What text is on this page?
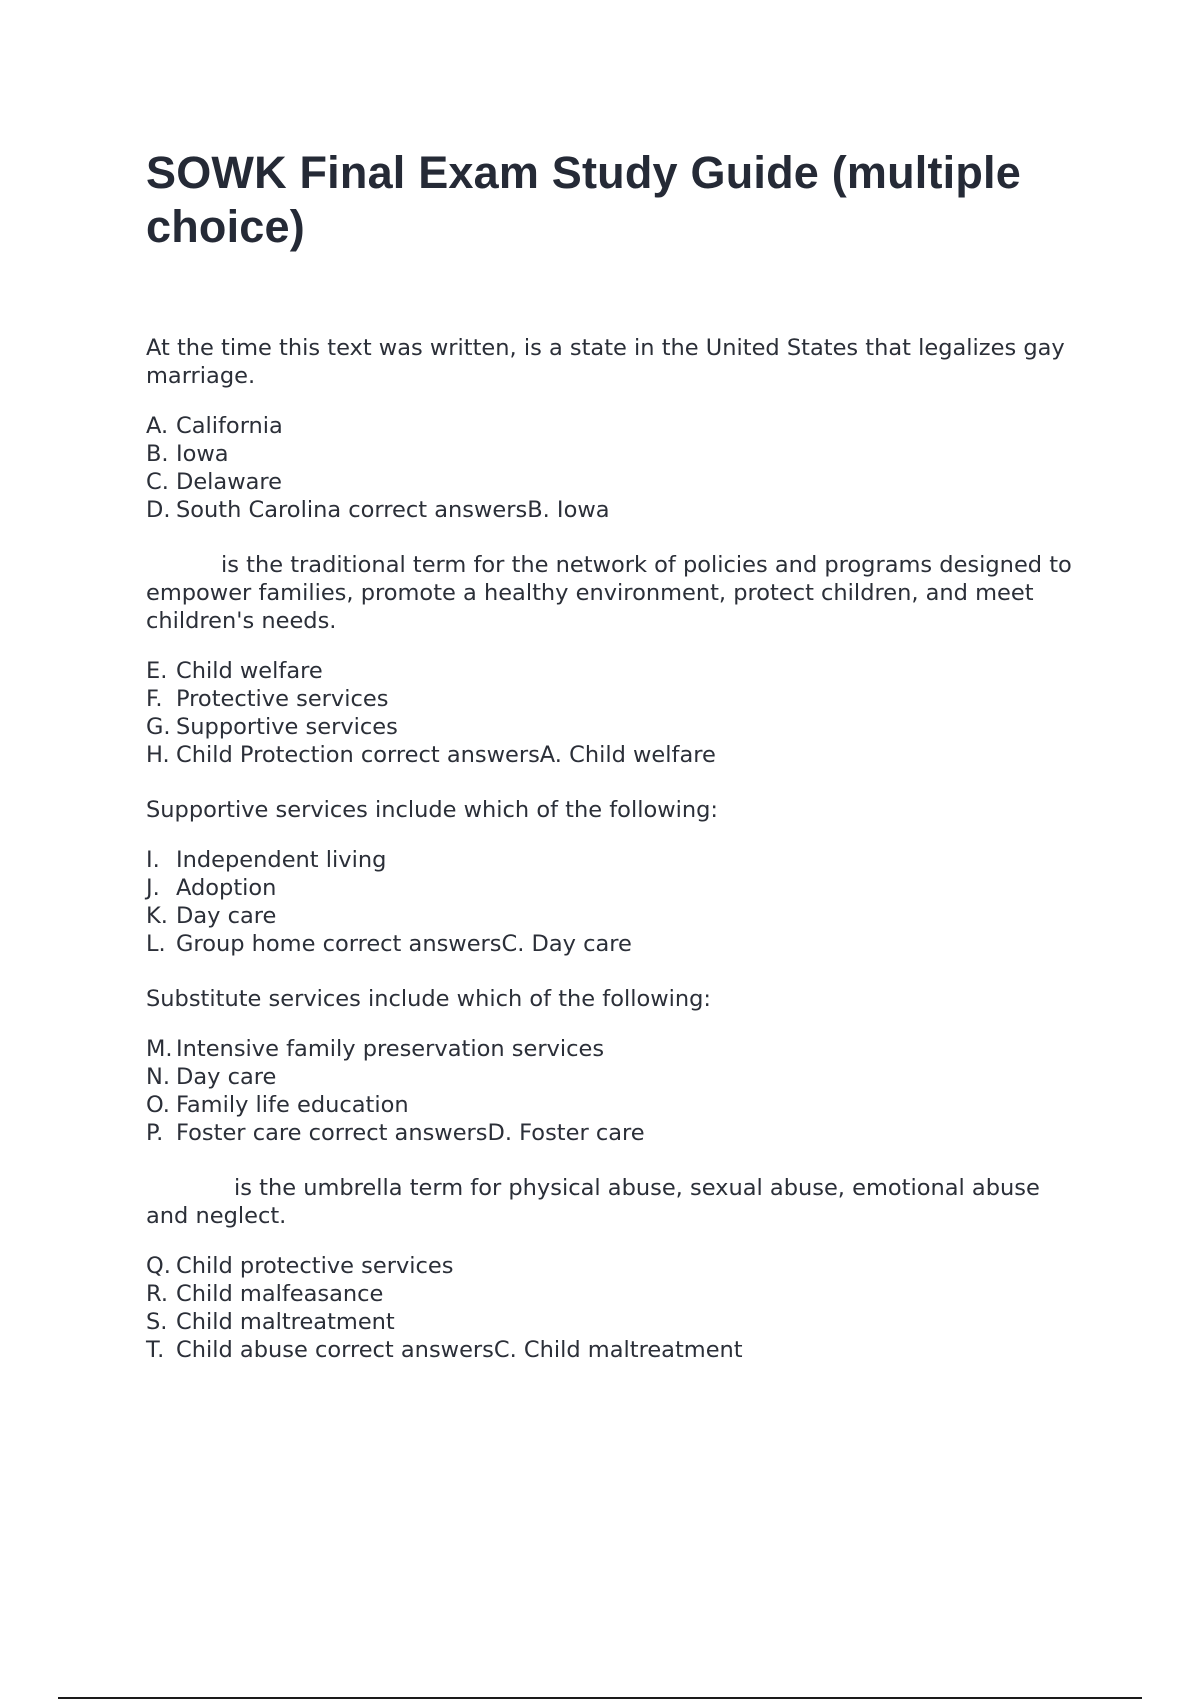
SOWK Final Exam Study Guide (multiple choice)

At the time this text was written, is a state in the United States that legalizes gay marriage.

A. California
B. Iowa
C. Delaware
D. South Carolina correct answersB. Iowa

is the traditional term for the network of policies and programs designed to empower families, promote a healthy environment, protect children, and meet children's needs.

E. Child welfare
F. Protective services
G. Supportive services
H. Child Protection correct answersA. Child welfare

Supportive services include which of the following:

I. Independent living
J. Adoption
K. Day care
L. Group home correct answersC. Day care

Substitute services include which of the following:

M. Intensive family preservation services
N. Day care
O. Family life education
P. Foster care correct answersD. Foster care

is the umbrella term for physical abuse, sexual abuse, emotional abuse and neglect.

Q. Child protective services
R. Child malfeasance
S. Child maltreatment
T. Child abuse correct answersC. Child maltreatment
